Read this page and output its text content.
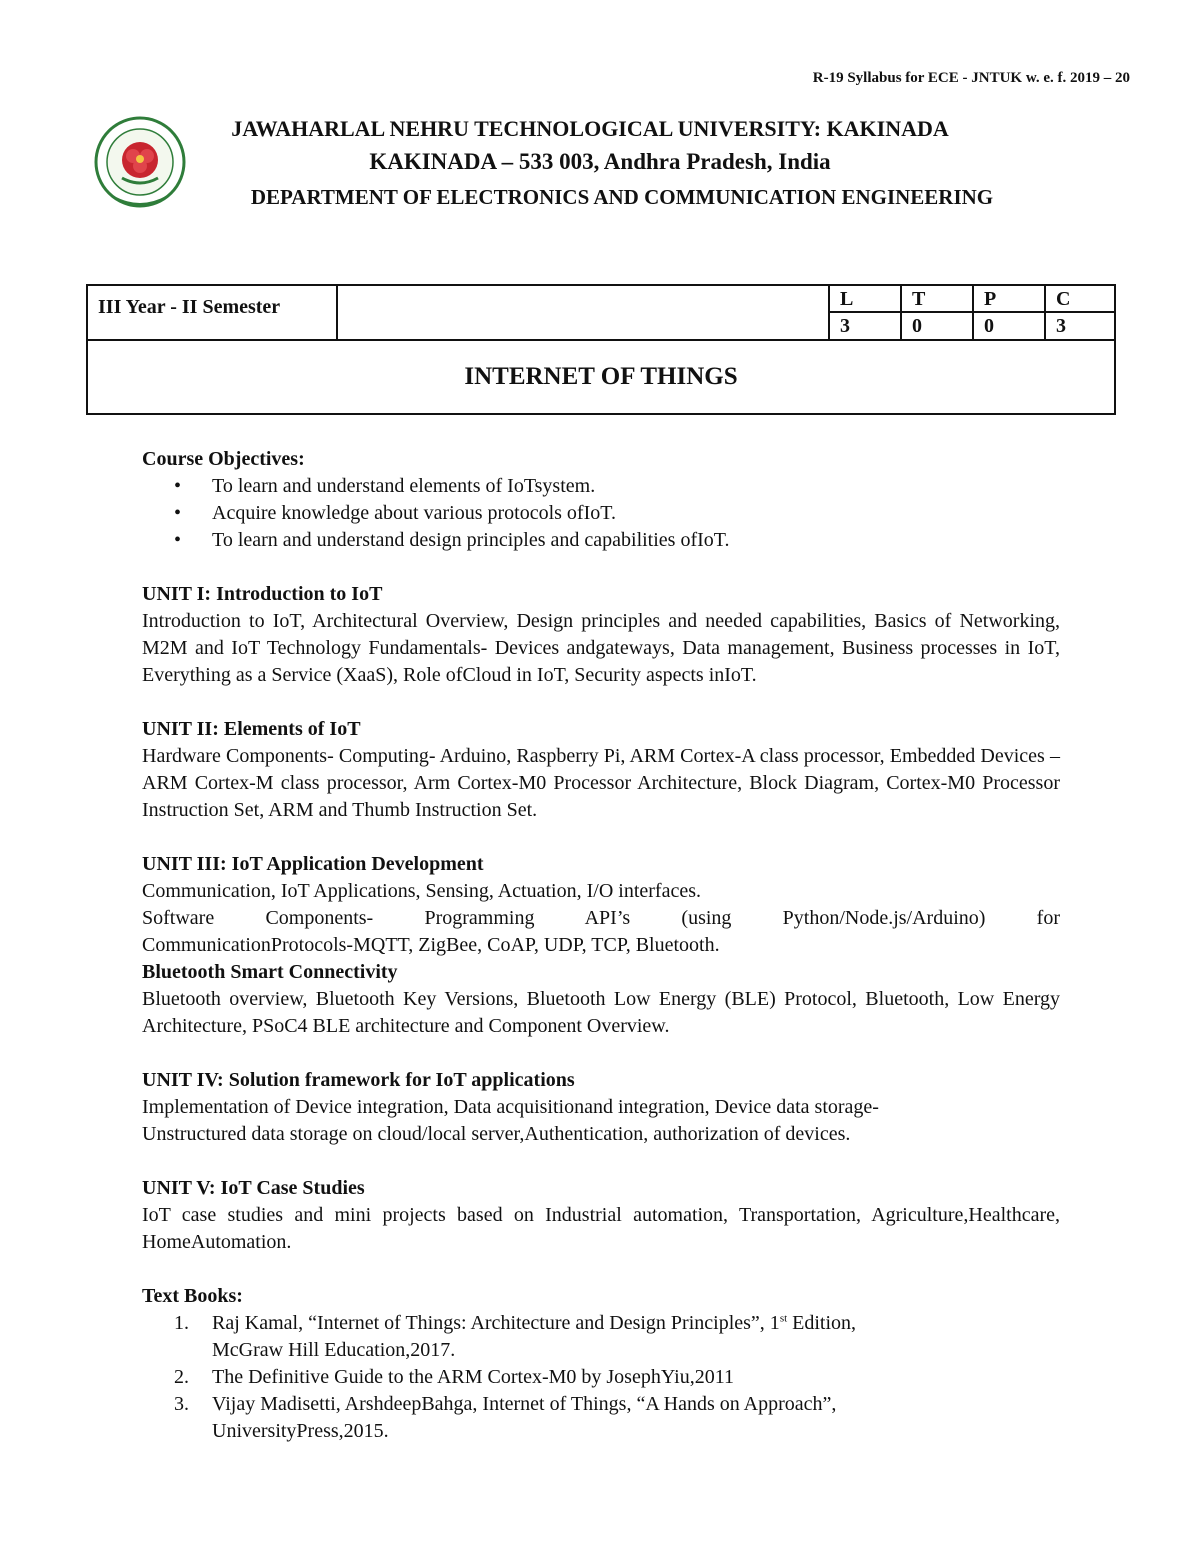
R-19 Syllabus for ECE - JNTUK w. e. f. 2019 – 20
JAWAHARLAL NEHRU TECHNOLOGICAL UNIVERSITY: KAKINADA
KAKINADA – 533 003, Andhra Pradesh, India
DEPARTMENT OF ELECTRONICS AND COMMUNICATION ENGINEERING
III Year - II Semester	L	T	P	C
3	0	0	3
INTERNET OF THINGS
Course Objectives:
• To learn and understand elements of IoTsystem.
• Acquire knowledge about various protocols ofIoT.
• To learn and understand design principles and capabilities ofIoT.
UNIT I: Introduction to IoT
Introduction to IoT, Architectural Overview, Design principles and needed capabilities, Basics of Networking, M2M and IoT Technology Fundamentals- Devices andgateways, Data management, Business processes in IoT, Everything as a Service (XaaS), Role ofCloud in IoT, Security aspects inIoT.
UNIT II: Elements of IoT
Hardware Components- Computing- Arduino, Raspberry Pi, ARM Cortex-A class processor, Embedded Devices – ARM Cortex-M class processor, Arm Cortex-M0 Processor Architecture, Block Diagram, Cortex-M0 Processor Instruction Set, ARM and Thumb Instruction Set.
UNIT III: IoT Application Development
Communication, IoT Applications, Sensing, Actuation, I/O interfaces.
Software Components- Programming API’s (using Python/Node.js/Arduino) for
CommunicationProtocols-MQTT, ZigBee, CoAP, UDP, TCP, Bluetooth.
Bluetooth Smart Connectivity
Bluetooth overview, Bluetooth Key Versions, Bluetooth Low Energy (BLE) Protocol, Bluetooth, Low Energy Architecture, PSoC4 BLE architecture and Component Overview.
UNIT IV: Solution framework for IoT applications
Implementation of Device integration, Data acquisitionand integration, Device data storage-
Unstructured data storage on cloud/local server,Authentication, authorization of devices.
UNIT V: IoT Case Studies
IoT case studies and mini projects based on Industrial automation, Transportation, Agriculture,Healthcare, HomeAutomation.
Text Books:
1. Raj Kamal, “Internet of Things: Architecture and Design Principles”, 1st Edition,
McGraw Hill Education,2017.
2. The Definitive Guide to the ARM Cortex-M0 by JosephYiu,2011
3. Vijay Madisetti, ArshdeepBahga, Internet of Things, “A Hands on Approach”,
UniversityPress,2015.
